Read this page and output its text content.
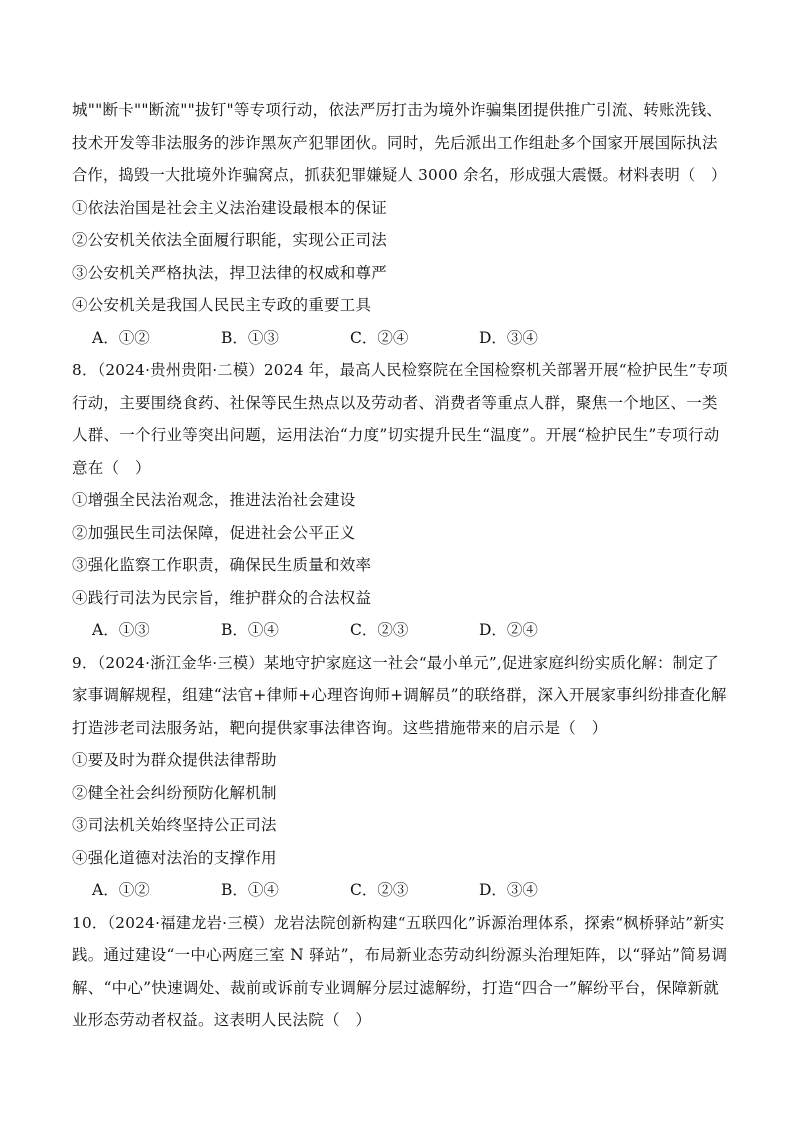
城""断卡""断流""拔钉"等专项行动，依法严厉打击为境外诈骗集团提供推广引流、转账洗钱、
技术开发等非法服务的涉诈黑灰产犯罪团伙。同时，先后派出工作组赴多个国家开展国际执法
合作，捣毁一大批境外诈骗窝点，抓获犯罪嫌疑人 3000 余名，形成强大震慑。材料表明（　）
①依法治国是社会主义法治建设最根本的保证
②公安机关依法全面履行职能，实现公正司法
③公安机关严格执法，捍卫法律的权威和尊严
④公安机关是我国人民民主专政的重要工具
A．①②	B．①③	C．②④	D．③④
8．（2024·贵州贵阳·二模）2024 年，最高人民检察院在全国检察机关部署开展“检护民生”专项
行动，主要围绕食药、社保等民生热点以及劳动者、消费者等重点人群，聚焦一个地区、一类
人群、一个行业等突出问题，运用法治“力度”切实提升民生“温度”。开展“检护民生”专项行动
意在（　）
①增强全民法治观念，推进法治社会建设
②加强民生司法保障，促进社会公平正义
③强化监察工作职责，确保民生质量和效率
④践行司法为民宗旨，维护群众的合法权益
A．①③	B．①④	C．②③	D．②④
9．（2024·浙江金华·三模）某地守护家庭这一社会“最小单元”,促进家庭纠纷实质化解：制定了
家事调解规程，组建“法官+律师+心理咨询师+调解员”的联络群，深入开展家事纠纷排查化解
打造涉老司法服务站，靶向提供家事法律咨询。这些措施带来的启示是（　）
①要及时为群众提供法律帮助
②健全社会纠纷预防化解机制
③司法机关始终坚持公正司法
④强化道德对法治的支撑作用
A．①②	B．①④	C．②③	D．③④
10．（2024·福建龙岩·三模）龙岩法院创新构建“五联四化”诉源治理体系，探索“枫桥驿站”新实
践。通过建设“一中心两庭三室 N 驿站”，布局新业态劳动纠纷源头治理矩阵，以“驿站”简易调
解、“中心”快速调处、裁前或诉前专业调解分层过滤解纷，打造“四合一”解纷平台，保障新就
业形态劳动者权益。这表明人民法院（　）
